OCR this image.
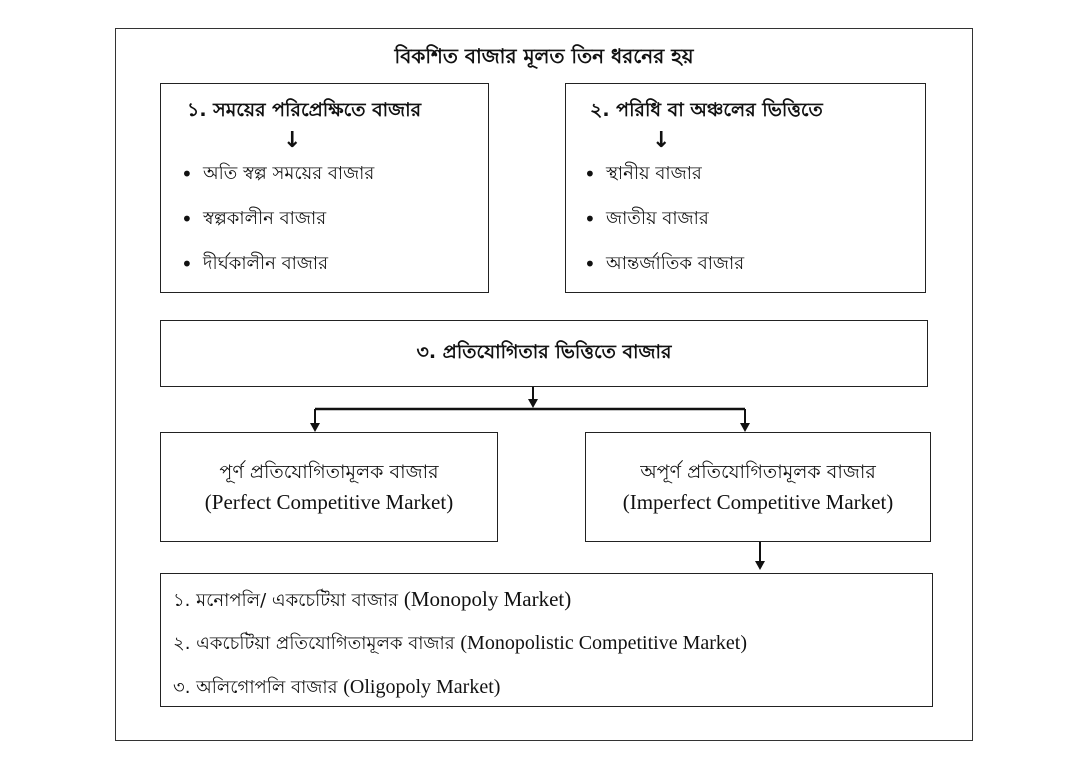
বিকশিত বাজার মূলত তিন ধরনের হয়
১. সময়ের পরিপ্রেক্ষিতে বাজার
↓
• অতি স্বল্প সময়ের বাজার
• স্বল্পকালীন বাজার
• দীর্ঘকালীন বাজার
২. পরিধি বা অঞ্চলের ভিত্তিতে
↓
• স্থানীয় বাজার
• জাতীয় বাজার
• আন্তর্জাতিক বাজার
৩. প্রতিযোগিতার ভিত্তিতে বাজার
পূর্ণ প্রতিযোগিতামূলক বাজার
(Perfect Competitive Market)
অপূর্ণ প্রতিযোগিতামূলক বাজার
(Imperfect Competitive Market)
১. মনোপলি/ একচেটিয়া বাজার (Monopoly Market)
২. একচেটিয়া প্রতিযোগিতামূলক বাজার (Monopolistic Competitive Market)
৩. অলিগোপলি বাজার (Oligopoly Market)
